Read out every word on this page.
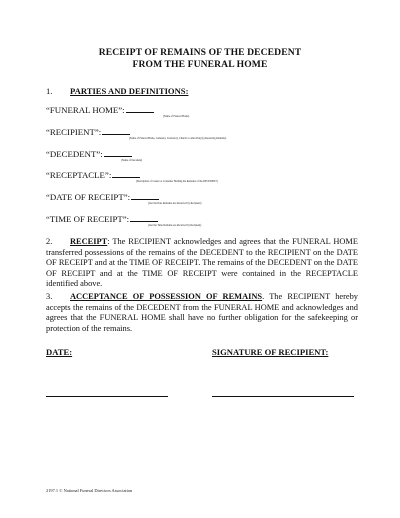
RECEIPT OF REMAINS OF THE DECEDENT
FROM THE FUNERAL HOME
1. PARTIES AND DEFINITIONS:
“FUNERAL HOME”:
(Name of Funeral Home)
“RECIPIENT”:
(Name of Funeral Home, Cemetery, Crematory, Church or other Party(s) Receiving Remains)
“DECEDENT”:
(Name of Decedent)
“RECEPTACLE”:
(Description of Casket or Container Holding the Remains of the DECEDENT)
“DATE OF RECEIPT”:
(List the Date Remains Are Received by Recipient)
“TIME OF RECEIPT”:
(List the Time Remains are Received by Recipient)
2. RECEIPT: The RECIPIENT acknowledges and agrees that the FUNERAL HOME transferred possessions of the remains of the DECEDENT to the RECIPIENT on the DATE OF RECEIPT and at the TIME OF RECEIPT. The remains of the DECEDENT on the DATE OF RECEIPT and at the TIME OF RECEIPT were contained in the RECEPTACLE identified above.
3. ACCEPTANCE OF POSSESSION OF REMAINS. The RECIPIENT hereby accepts the remains of the DECEDENT from the FUNERAL HOME and acknowledges and agrees that the FUNERAL HOME shall have no further obligation for the safekeeping or protection of the remains.
DATE:	SIGNATURE OF RECIPIENT:
2197.1 © National Funeral Directors Association
